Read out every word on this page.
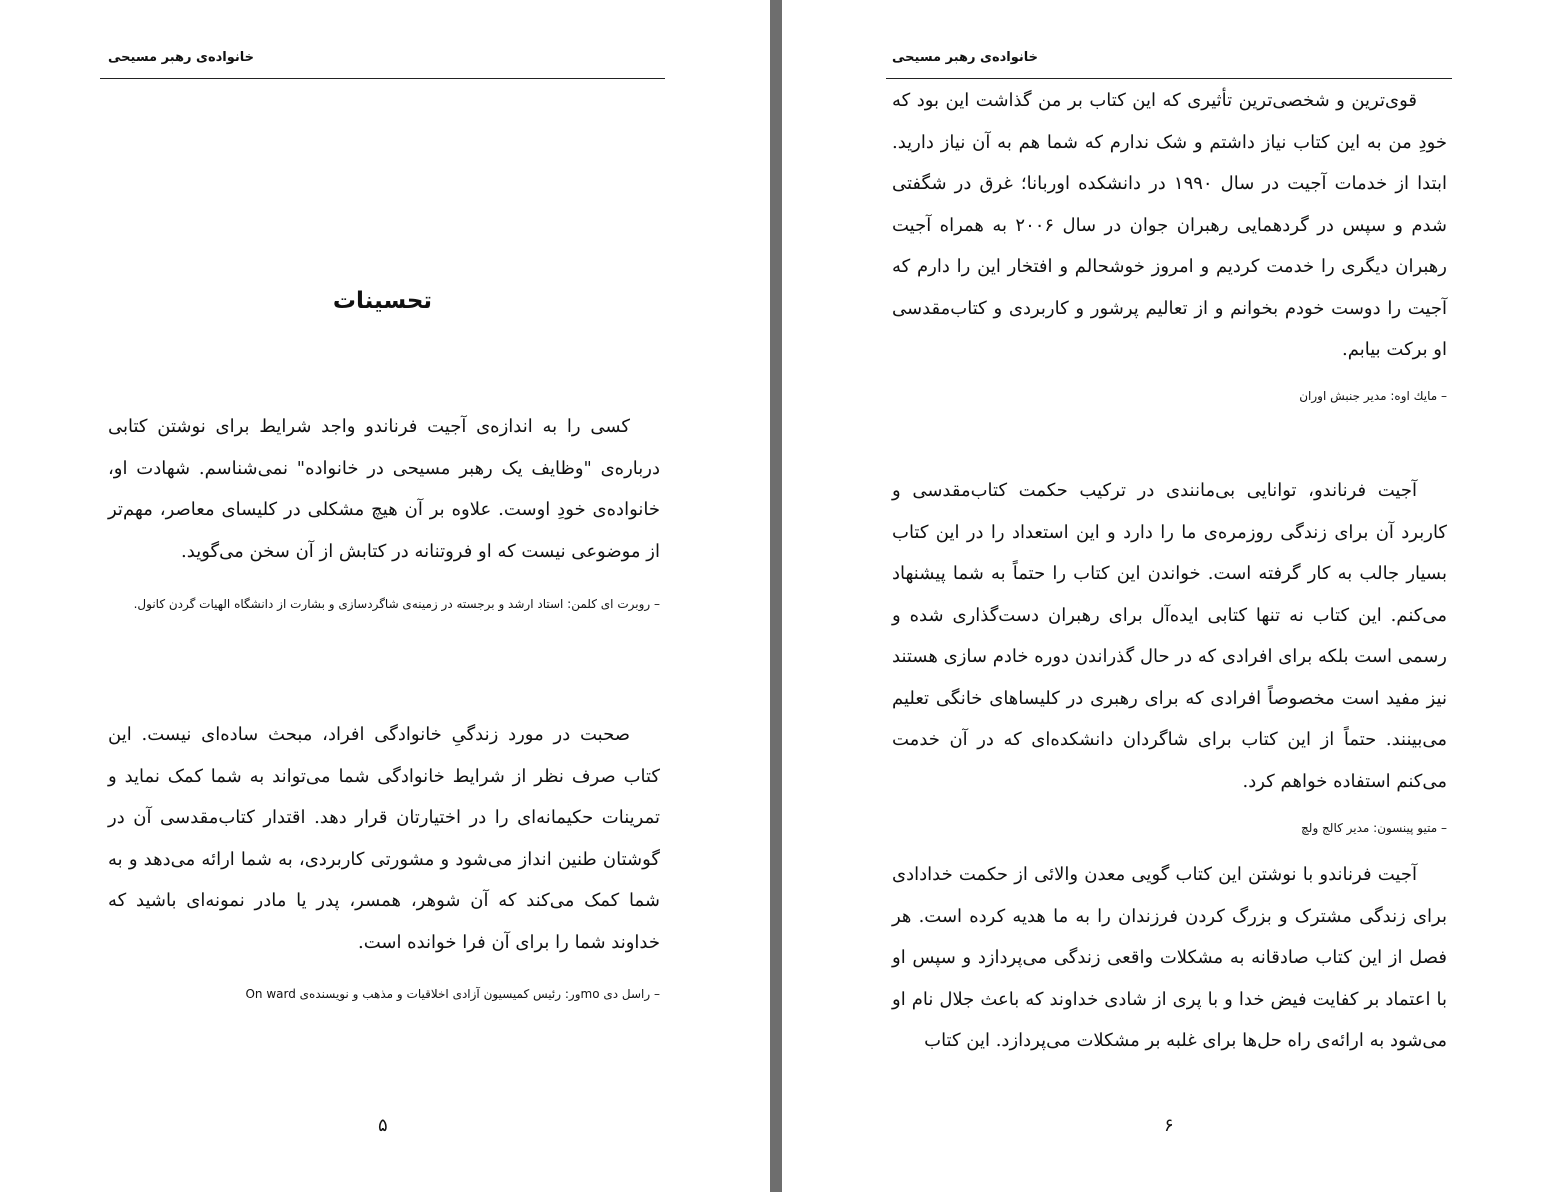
خانواده‌ی رهبر مسیحی
تحسینات

کسی را به اندازه‌ی آجیت فرناندو واجد شرایط برای نوشتن کتابی درباره‌ی "وظایف یک رهبر مسیحی در خانواده" نمی‌شناسم. شهادت او، خانواده‌ی خودِ اوست. علاوه بر آن هیچ مشکلی در کلیسای معاصر، مهم‌تر از موضوعی نیست که او فروتنانه در کتابش از آن سخن می‌گوید.

– روبرت ای کلمن: استاد ارشد و برجسته در زمینه‌ی شاگردسازی و بشارت از دانشگاه الهیات گردن کانول.

صحبت در مورد زندگیِ خانوادگی افراد، مبحث ساده‌ای نیست. این کتاب صرف نظر از شرایط خانوادگی شما می‌تواند به شما کمک نماید و تمرینات حکیمانه‌ای را در اختیارتان قرار دهد. اقتدار کتاب‌مقدسی آن در گوشتان طنین انداز می‌شود و مشورتی کاربردی، به شما ارائه می‌دهد و به شما کمک می‌کند که آن شوهر، همسر، پدر یا مادر نمونه‌ای باشید که خداوند شما را برای آن فرا خوانده است.

– راسل دی moور: رئیس کمیسیون آزادی اخلاقیات و مذهب و نویسنده‌ی On ward
۵
خانواده‌ی رهبر مسیحی

قوی‌ترین و شخصی‌ترین تأثیری که این کتاب بر من گذاشت این بود که خودِ من به این کتاب نیاز داشتم و شک ندارم که شما هم به آن نیاز دارید. ابتدا از خدمات آجیت در سال ۱۹۹۰ در دانشکده اوربانا؛ غرق در شگفتی شدم و سپس در گردهمایی رهبران جوان در سال ۲۰۰۶ به همراه آجیت رهبران دیگری را خدمت کردیم و امروز خوشحالم و افتخار این را دارم که آجیت را دوست خودم بخوانم و از تعالیم پرشور و کاربردی و کتاب‌مقدسی او برکت بیابم.

– مایك اوه: مدیر جنبش اوران

آجیت فرناندو، توانایی بی‌مانندی در ترکیب حکمت کتاب‌مقدسی و کاربرد آن برای زندگی روزمره‌ی ما را دارد و این استعداد را در این کتاب بسیار جالب به کار گرفته است. خواندن این کتاب را حتماً به شما پیشنهاد می‌کنم. این کتاب نه تنها کتابی ایده‌آل برای رهبران دست‌گذاری شده و رسمی است بلکه برای افرادی که در حال گذراندن دوره خادم سازی هستند نیز مفید است مخصوصاً افرادی که برای رهبری در کلیساهای خانگی تعلیم می‌بینند. حتماً از این کتاب برای شاگردان دانشکده‌ای که در آن خدمت می‌کنم استفاده خواهم کرد.

– متیو پینسون: مدیر كالج ولچ

آجیت فرناندو با نوشتن این کتاب گویی معدن والائی از حکمت خدادادی برای زندگی مشترک و بزرگ کردن فرزندان را به ما هدیه کرده است. هر فصل از این کتاب صادقانه به مشکلات واقعی زندگی می‌پردازد و سپس او با اعتماد بر کفایت فیض خدا و با پری از شادی خداوند که باعث جلال نام او می‌شود به ارائه‌ی راه حل‌ها برای غلبه بر مشکلات می‌پردازد. این کتاب

۶
